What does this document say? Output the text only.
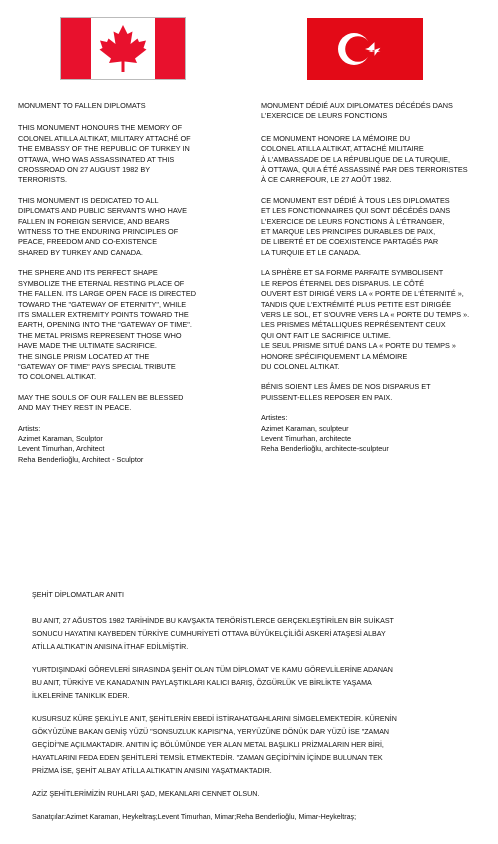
MONUMENT TO FALLEN DIPLOMATS

THIS MONUMENT HONOURS THE MEMORY OF
COLONEL ATILLA ALTIKAT, MILITARY ATTACHÉ OF
THE EMBASSY OF THE REPUBLIC OF TURKEY IN
OTTAWA, WHO WAS ASSASSINATED AT THIS
CROSSROAD ON 27 AUGUST 1982 BY
TERRORISTS.

THIS MONUMENT IS DEDICATED TO ALL
DIPLOMATS AND PUBLIC SERVANTS WHO HAVE
FALLEN IN FOREIGN SERVICE, AND BEARS
WITNESS TO THE ENDURING PRINCIPLES OF
PEACE, FREEDOM AND CO-EXISTENCE
SHARED BY TURKEY AND CANADA.

THE SPHERE AND ITS PERFECT SHAPE
SYMBOLIZE THE ETERNAL RESTING PLACE OF
THE FALLEN. ITS LARGE OPEN FACE IS DIRECTED
TOWARD THE "GATEWAY OF ETERNITY", WHILE
ITS SMALLER EXTREMITY POINTS TOWARD THE
EARTH, OPENING INTO THE "GATEWAY OF TIME".
THE METAL PRISMS REPRESENT THOSE WHO
HAVE MADE THE ULTIMATE SACRIFICE.
THE SINGLE PRISM LOCATED AT THE
"GATEWAY OF TIME" PAYS SPECIAL TRIBUTE
TO COLONEL ALTIKAT.

MAY THE SOULS OF OUR FALLEN BE BLESSED
AND MAY THEY REST IN PEACE.

Artists:
Azimet Karaman, Sculptor
Levent Timurhan, Architect
Reha Benderlioğlu, Architect - Sculptor

MONUMENT DÉDIÉ AUX DIPLOMATES DÉCÉDÉS DANS
L'EXERCICE DE LEURS FONCTIONS

CE MONUMENT HONORE LA MÉMOIRE DU
COLONEL ATILLA ALTIKAT, ATTACHÉ MILITAIRE
À L'AMBASSADE DE LA RÉPUBLIQUE DE LA TURQUIE,
À OTTAWA, QUI A ÉTÉ ASSASSINÉ PAR DES TERRORISTES
À CE CARREFOUR, LE 27 AOÛT 1982.

CE MONUMENT EST DÉDIÉ À TOUS LES DIPLOMATES
ET LES FONCTIONNAIRES QUI SONT DÉCÉDÉS DANS
L'EXERCICE DE LEURS FONCTIONS À L'ÉTRANGER,
ET MARQUE LES PRINCIPES DURABLES DE PAIX,
DE LIBERTÉ ET DE COEXISTENCE PARTAGÉS PAR
LA TURQUIE ET LE CANADA.

LA SPHÈRE ET SA FORME PARFAITE SYMBOLISENT
LE REPOS ÉTERNEL DES DISPARUS. LE CÔTÉ
OUVERT EST DIRIGÉ VERS LA « PORTE DE L'ÉTERNITÉ »,
TANDIS QUE L'EXTRÉMITÉ PLUS PETITE EST DIRIGÉE
VERS LE SOL, ET S'OUVRE VERS LA « PORTE DU TEMPS ».
LES PRISMES MÉTALLIQUES REPRÉSENTENT CEUX
QUI ONT FAIT LE SACRIFICE ULTIME.
LE SEUL PRISME SITUÉ DANS LA « PORTE DU TEMPS »
HONORE SPÉCIFIQUEMENT LA MÉMOIRE
DU COLONEL ALTIKAT.

BÉNIS SOIENT LES ÂMES DE NOS DISPARUS ET
PUISSENT-ELLES REPOSER EN PAIX.

Artistes:
Azimet Karaman, sculpteur
Levent Timurhan, architecte
Reha Benderlioğlu, architecte-sculpteur

ŞEHİT DİPLOMATLAR ANITI

BU ANIT, 27 AĞUSTOS 1982 TARİHİNDE BU KAVŞAKTA TERÖRİSTLERCE GERÇEKLEŞTİRİLEN BİR SUİKAST
SONUCU HAYATINI KAYBEDEN TÜRKİYE CUMHURİYETİ OTTAVA BÜYÜKELÇİLİĞİ ASKERİ ATAŞESİ ALBAY
ATİLLA ALTIKAT'IN ANISINA İTHAF EDİLMİŞTİR.

YURTDIŞINDAKİ GÖREVLERİ SIRASINDA ŞEHİT OLAN TÜM DİPLOMAT VE KAMU GÖREVLİLERİNE ADANAN
BU ANIT, TÜRKİYE VE KANADA'NIN PAYLAŞTIKLARI KALICI BARIŞ, ÖZGÜRLÜK VE BİRLİKTE YAŞAMA
İLKELERİNE TANIKLIK EDER.

KUSURSUZ KÜRE ŞEKLİYLE ANIT, ŞEHİTLERİN EBEDİ İSTİRAHATGAHLARINI SİMGELEMEKTEDİR. KÜRENİN
GÖKYÜZÜNE BAKAN GENİŞ YÜZÜ "SONSUZLUK KAPISI"NA, YERYÜZÜNE DÖNÜK DAR YÜZÜ İSE "ZAMAN
GEÇİDİ"NE AÇILMAKTADIR. ANITIN İÇ BÖLÜMÜNDE YER ALAN METAL BAŞLIKLI PRİZMALARIN HER BİRİ,
HAYATLARINI FEDA EDEN ŞEHİTLERİ TEMSİL ETMEKTEDİR. "ZAMAN GEÇİDİ"NİN İÇİNDE BULUNAN TEK
PRİZMA İSE, ŞEHİT ALBAY ATİLLA ALTIKAT'IN ANISINI YAŞATMAKTADIR.

AZİZ ŞEHİTLERİMİZİN RUHLARI ŞAD, MEKANLARI CENNET OLSUN.

Sanatçılar:Azimet Karaman, Heykeltraş;Levent Timurhan, Mimar;Reha Benderlioğlu, Mimar-Heykeltraş;
